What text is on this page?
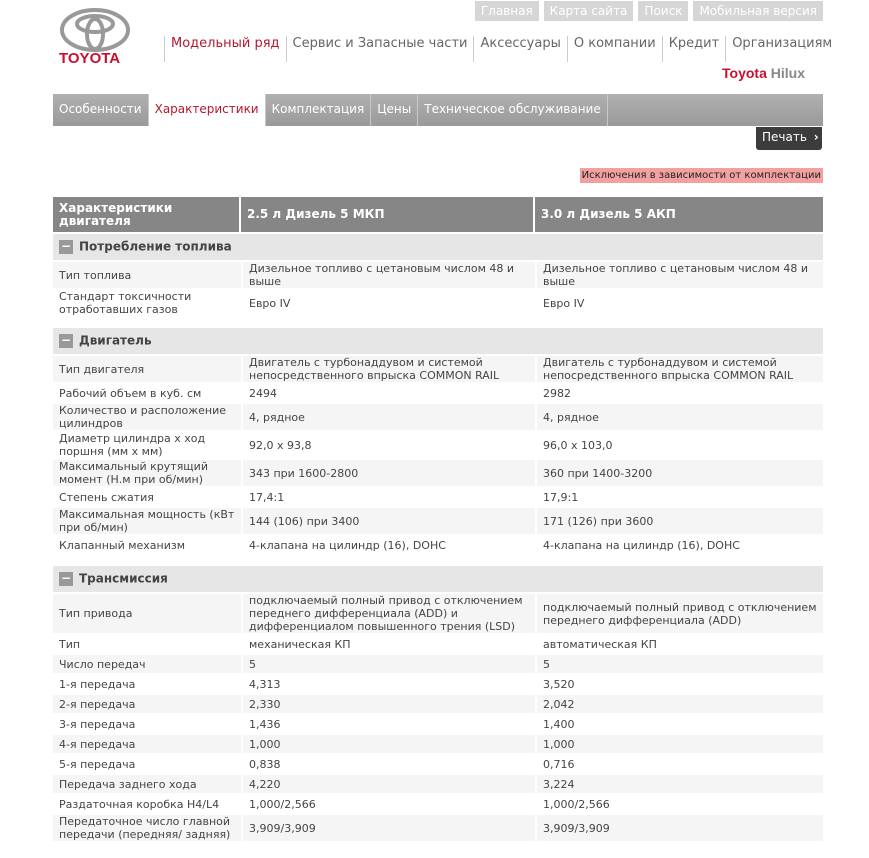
Главная	Карта сайта	Поиск	Мобильная версия
TOYOTA
Модельный ряд	Сервис и Запасные части	Аксессуары	О компании	Кредит	Организациям
Toyota Hilux
Особенности	Характеристики	Комплектация	Цены	Техническое обслуживание
Печать ›
Исключения в зависимости от комплектации
Характеристики двигателя	2.5 л Дизель 5 МКП	3.0 л Дизель 5 АКП
− Потребление топлива		
Тип топлива	Дизельное топливо с цетановым числом 48 и выше	Дизельное топливо с цетановым числом 48 и выше
Стандарт токсичности отработавших газов	Евро IV	Евро IV

− Двигатель		
Тип двигателя	Двигатель с турбонаддувом и системой непосредственного впрыска COMMON RAIL	Двигатель с турбонаддувом и системой непосредственного впрыска COMMON RAIL
Рабочий объем в куб. см	2494	2982
Количество и расположение цилиндров	4, рядное	4, рядное
Диаметр цилиндра х ход поршня (мм х мм)	92,0 x 93,8	96,0 x 103,0
Максимальный крутящий момент (Н.м при об/мин)	343 при 1600-2800	360 при 1400-3200
Степень сжатия	17,4:1	17,9:1
Максимальная мощность (кВт при об/мин)	144 (106) при 3400	171 (126) при 3600
Клапанный механизм	4-клапана на цилиндр (16), DOHC	4-клапана на цилиндр (16), DOHC

− Трансмиссия		
Тип привода	подключаемый полный привод с отключением переднего дифференциала (ADD) и дифференциалом повышенного трения (LSD)	подключаемый полный привод с отключением переднего дифференциала (ADD)
Тип	механическая КП	автоматическая КП
Число передач	5	5
1-я передача	4,313	3,520
2-я передача	2,330	2,042
3-я передача	1,436	1,400
4-я передача	1,000	1,000
5-я передача	0,838	0,716
Передача заднего хода	4,220	3,224
Раздаточная коробка H4/L4	1,000/2,566	1,000/2,566
Передаточное число главной передачи (передняя/ задняя)	3,909/3,909	3,909/3,909
